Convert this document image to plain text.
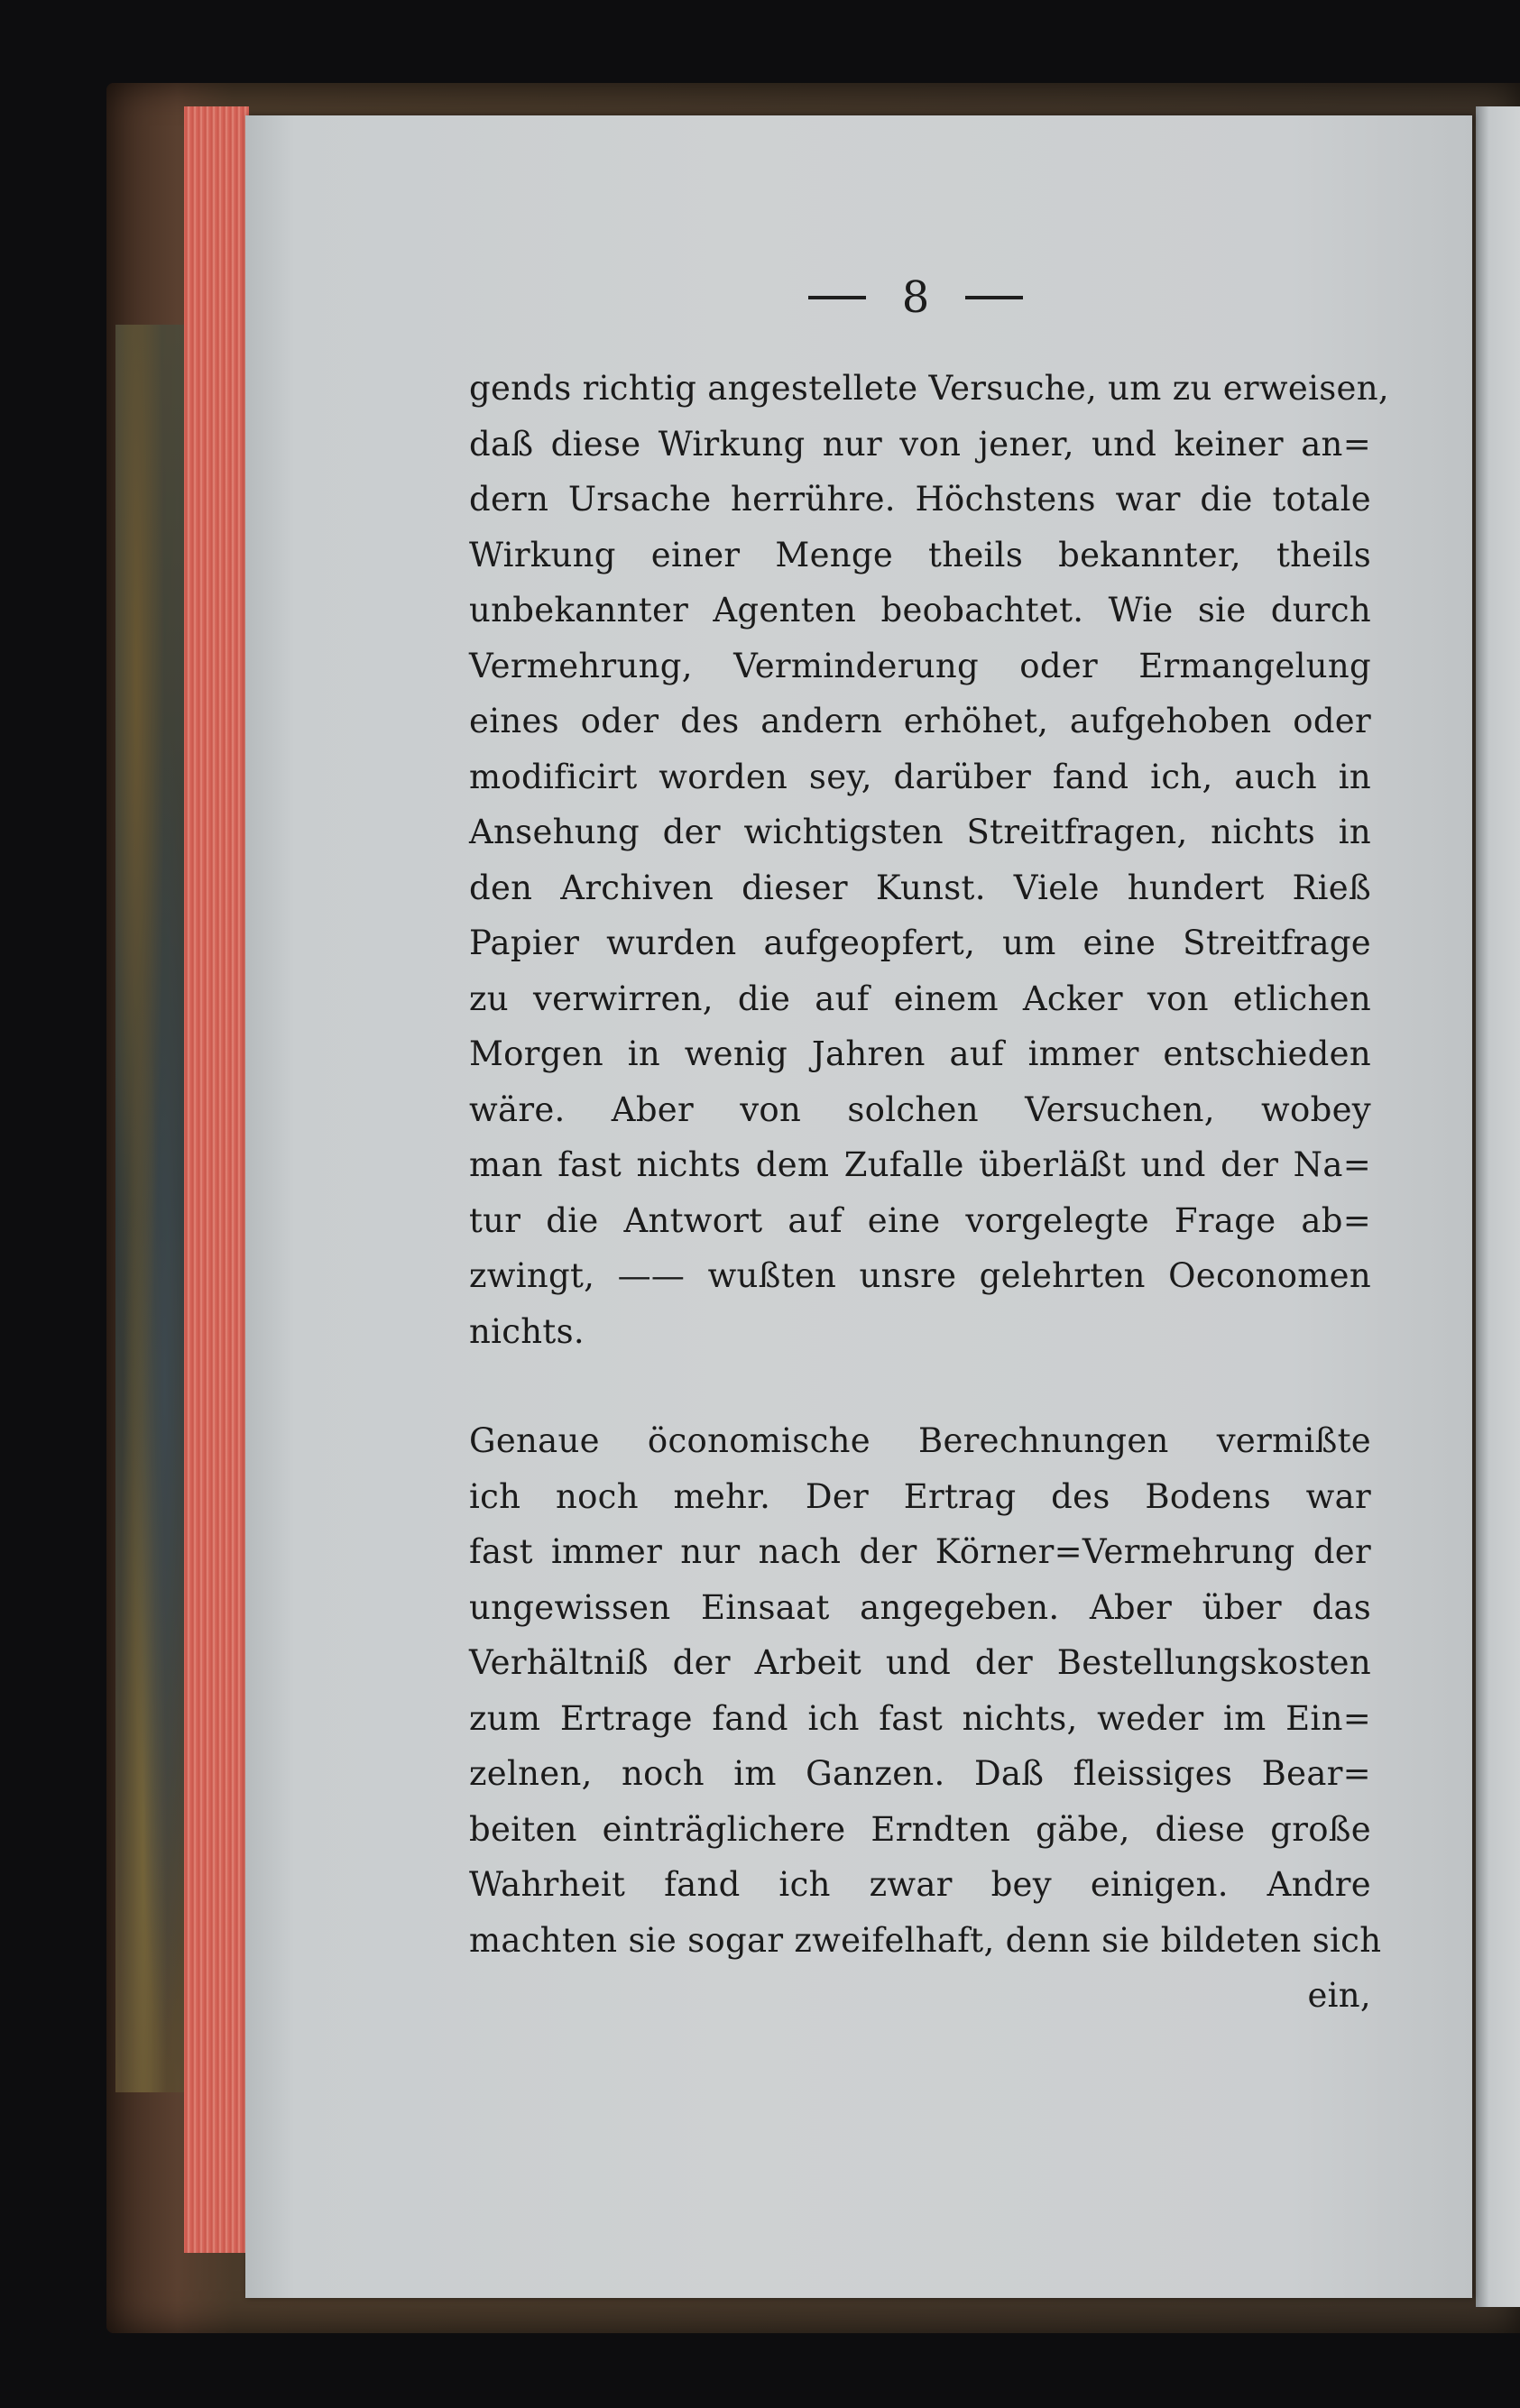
8
gends richtig angestellete Versuche, um zu erweisen,
daß diese Wirkung nur von jener, und keiner an=
dern Ursache herrühre. Höchstens war die totale
Wirkung einer Menge theils bekannter, theils
unbekannter Agenten beobachtet. Wie sie durch
Vermehrung, Verminderung oder Ermangelung
eines oder des andern erhöhet, aufgehoben oder
modificirt worden sey, darüber fand ich, auch in
Ansehung der wichtigsten Streitfragen, nichts in
den Archiven dieser Kunst. Viele hundert Rieß
Papier wurden aufgeopfert, um eine Streitfrage
zu verwirren, die auf einem Acker von etlichen
Morgen in wenig Jahren auf immer entschieden
wäre. Aber von solchen Versuchen, wobey
man fast nichts dem Zufalle überläßt und der Na=
tur die Antwort auf eine vorgelegte Frage ab=
zwingt, —— wußten unsre gelehrten Oeconomen
nichts.
Genaue öconomische Berechnungen vermißte
ich noch mehr. Der Ertrag des Bodens war
fast immer nur nach der Körner=Vermehrung der
ungewissen Einsaat angegeben. Aber über das
Verhältniß der Arbeit und der Bestellungskosten
zum Ertrage fand ich fast nichts, weder im Ein=
zelnen, noch im Ganzen. Daß fleissiges Bear=
beiten einträglichere Erndten gäbe, diese große
Wahrheit fand ich zwar bey einigen. Andre
machten sie sogar zweifelhaft, denn sie bildeten sich
ein,
